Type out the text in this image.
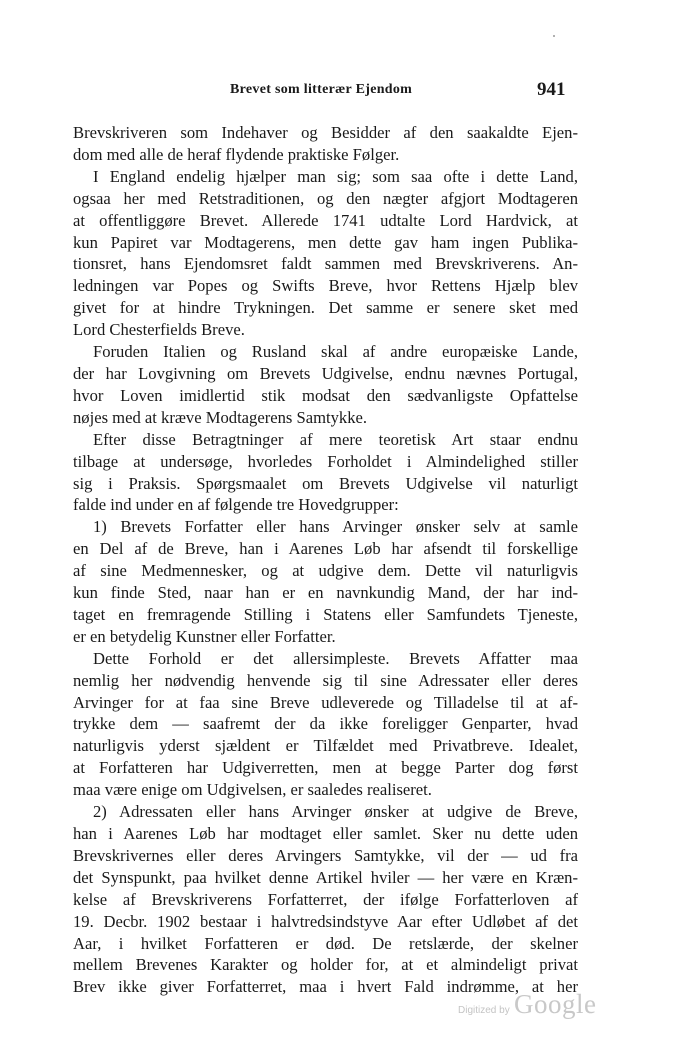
Brevet som litterær Ejendom	941
Brevskriveren som Indehaver og Besidder af den saakaldte Ejen-
dom med alle de heraf flydende praktiske Følger.
I England endelig hjælper man sig; som saa ofte i dette Land,
ogsaa her med Retstraditionen, og den nægter afgjort Modtageren
at offentliggøre Brevet. Allerede 1741 udtalte Lord Hardvick, at
kun Papiret var Modtagerens, men dette gav ham ingen Publika-
tionsret, hans Ejendomsret faldt sammen med Brevskriverens. An-
ledningen var Popes og Swifts Breve, hvor Rettens Hjælp blev
givet for at hindre Trykningen. Det samme er senere sket med
Lord Chesterfields Breve.
Foruden Italien og Rusland skal af andre europæiske Lande,
der har Lovgivning om Brevets Udgivelse, endnu nævnes Portugal,
hvor Loven imidlertid stik modsat den sædvanligste Opfattelse
nøjes med at kræve Modtagerens Samtykke.
Efter disse Betragtninger af mere teoretisk Art staar endnu
tilbage at undersøge, hvorledes Forholdet i Almindelighed stiller
sig i Praksis. Spørgsmaalet om Brevets Udgivelse vil naturligt
falde ind under en af følgende tre Hovedgrupper:
1) Brevets Forfatter eller hans Arvinger ønsker selv at samle
en Del af de Breve, han i Aarenes Løb har afsendt til forskellige
af sine Medmennesker, og at udgive dem. Dette vil naturligvis
kun finde Sted, naar han er en navnkundig Mand, der har ind-
taget en fremragende Stilling i Statens eller Samfundets Tjeneste,
er en betydelig Kunstner eller Forfatter.
Dette Forhold er det allersimpleste. Brevets Affatter maa
nemlig her nødvendig henvende sig til sine Adressater eller deres
Arvinger for at faa sine Breve udleverede og Tilladelse til at af-
trykke dem — saafremt der da ikke foreligger Genparter, hvad
naturligvis yderst sjældent er Tilfældet med Privatbreve. Idealet,
at Forfatteren har Udgiverretten, men at begge Parter dog først
maa være enige om Udgivelsen, er saaledes realiseret.
2) Adressaten eller hans Arvinger ønsker at udgive de Breve,
han i Aarenes Løb har modtaget eller samlet. Sker nu dette uden
Brevskrivernes eller deres Arvingers Samtykke, vil der — ud fra
det Synspunkt, paa hvilket denne Artikel hviler — her være en Kræn-
kelse af Brevskriverens Forfatterret, der ifølge Forfatterloven af
19. Decbr. 1902 bestaar i halvtredsindstyve Aar efter Udløbet af det
Aar, i hvilket Forfatteren er død. De retslærde, der skelner
mellem Brevenes Karakter og holder for, at et almindeligt privat
Brev ikke giver Forfatterret, maa i hvert Fald indrømme, at her
Digitized by Google
